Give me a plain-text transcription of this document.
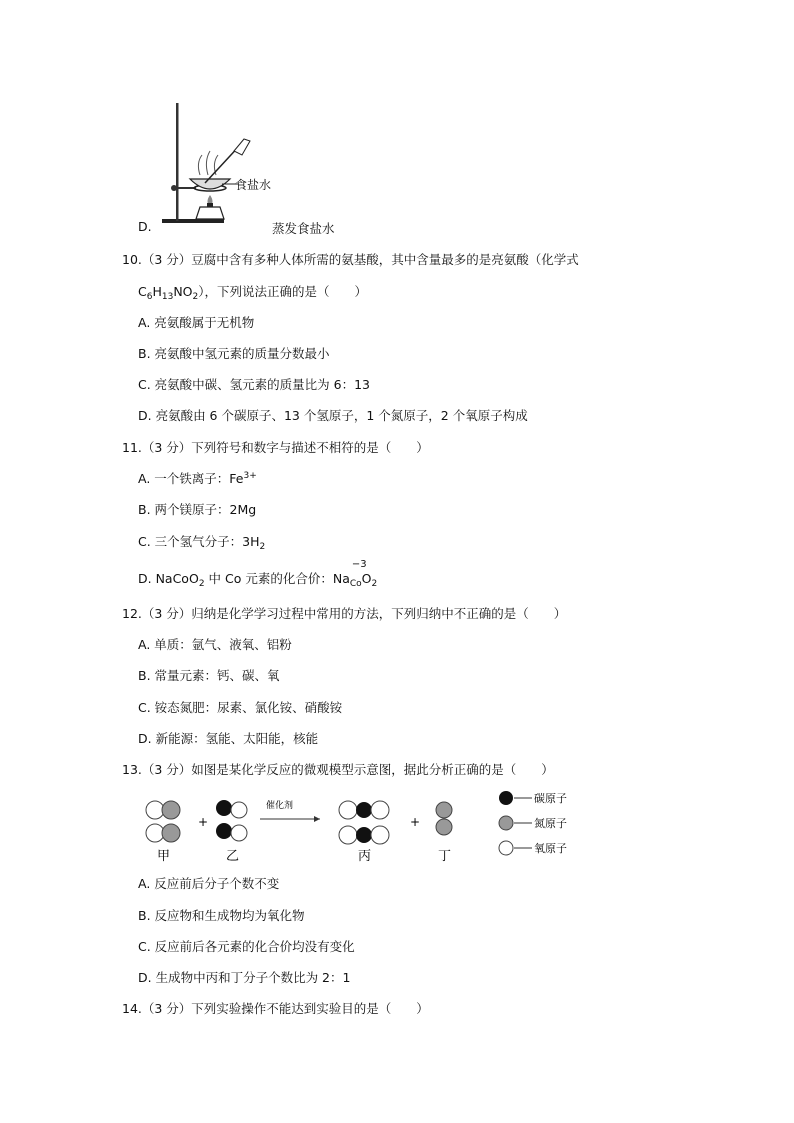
食盐水
D.	蒸发食盐水
10.（3 分）豆腐中含有多种人体所需的氨基酸，其中含量最多的是亮氨酸（化学式
$C_6H_{13}NO_2$），下列说法正确的是（　　）
A. 亮氨酸属于无机物
B. 亮氨酸中氢元素的质量分数最小
C. 亮氨酸中碳、氢元素的质量比为 6：13
D. 亮氨酸由 6 个碳原子、13 个氢原子，1 个氮原子，2 个氧原子构成
11.（3 分）下列符号和数字与描述不相符的是（　　）
A. 一个铁离子：$Fe^{3+}$
B. 两个镁原子：2Mg
C. 三个氢气分子：$3H_2$
D. NaCoO$_2$ 中 Co 元素的化合价：Na
−3
$_{Co}O_2$
12.（3 分）归纳是化学学习过程中常用的方法，下列归纳中不正确的是（　　）
A. 单质：氩气、液氧、铝粉
B. 常量元素：钙、碳、氧
C. 铵态氮肥：尿素、氯化铵、硝酸铵
D. 新能源：氢能、太阳能，核能
13.（3 分）如图是某化学反应的微观模型示意图，据此分析正确的是（　　）
+
催化剂
+
甲	乙	丙	丁
碳原子
氮原子
氧原子
A. 反应前后分子个数不变
B. 反应物和生成物均为氧化物
C. 反应前后各元素的化合价均没有变化
D. 生成物中丙和丁分子个数比为 2：1
14.（3 分）下列实验操作不能达到实验目的是（　　）
